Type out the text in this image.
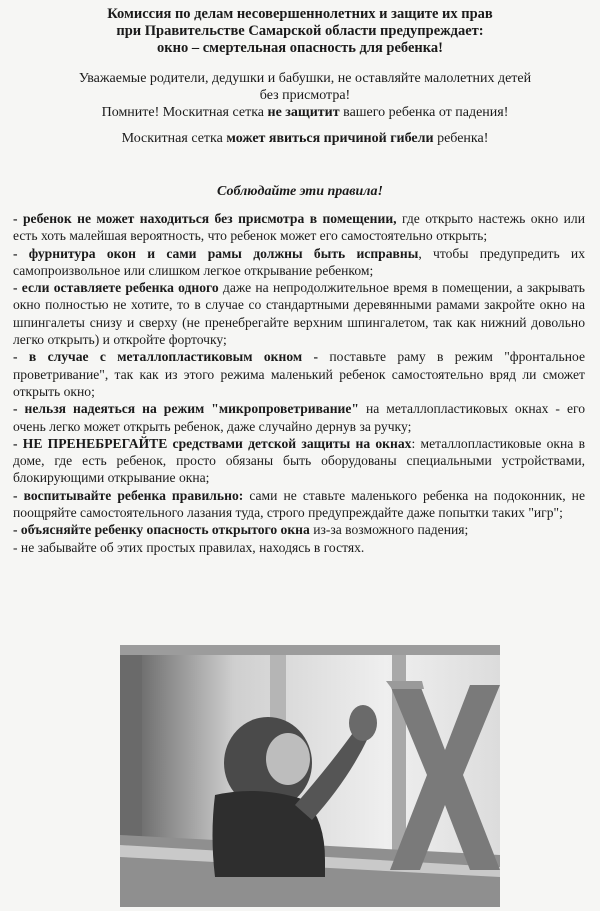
Комиссия по делам несовершеннолетних и защите их прав
при Правительстве Самарской области предупреждает:
окно – смертельная опасность для ребенка!

Уважаемые родители, дедушки и бабушки, не оставляйте малолетних детей

без присмотра!

Помните! Москитная сетка не защитит вашего ребенка от падения!

Москитная сетка может явиться причиной гибели ребенка!

Соблюдайте эти правила!

- ребенок не может находиться без присмотра в помещении, где открыто настежь окно или есть хоть малейшая вероятность, что ребенок может его самостоятельно открыть;

- фурнитура окон и сами рамы должны быть исправны, чтобы предупредить их самопроизвольное или слишком легкое открывание ребенком;

- если оставляете ребенка одного даже на непродолжительное время в помещении, а закрывать окно полностью не хотите, то в случае со стандартными деревянными рамами закройте окно на шпингалеты снизу и сверху (не пренебрегайте верхним шпингалетом, так как нижний довольно легко открыть) и откройте форточку;

- в случае с металлопластиковым окном - поставьте раму в режим "фронтальное проветривание", так как из этого режима маленький ребенок самостоятельно вряд ли сможет открыть окно;

- нельзя надеяться на режим "микропроветривание" на металлопластиковых окнах - его очень легко может открыть ребенок, даже случайно дернув за ручку;

- НЕ ПРЕНЕБРЕГАЙТЕ средствами детской защиты на окнах: металлопластиковые окна в доме, где есть ребенок, просто обязаны быть оборудованы специальными устройствами, блокирующими открывание окна;

- воспитывайте ребенка правильно: сами не ставьте маленького ребенка на подоконник, не поощряйте самостоятельного лазания туда, строго предупреждайте даже попытки таких "игр";

- объясняйте ребенку опасность открытого окна из-за возможного падения;

- не забывайте об этих простых правилах, находясь в гостях.
